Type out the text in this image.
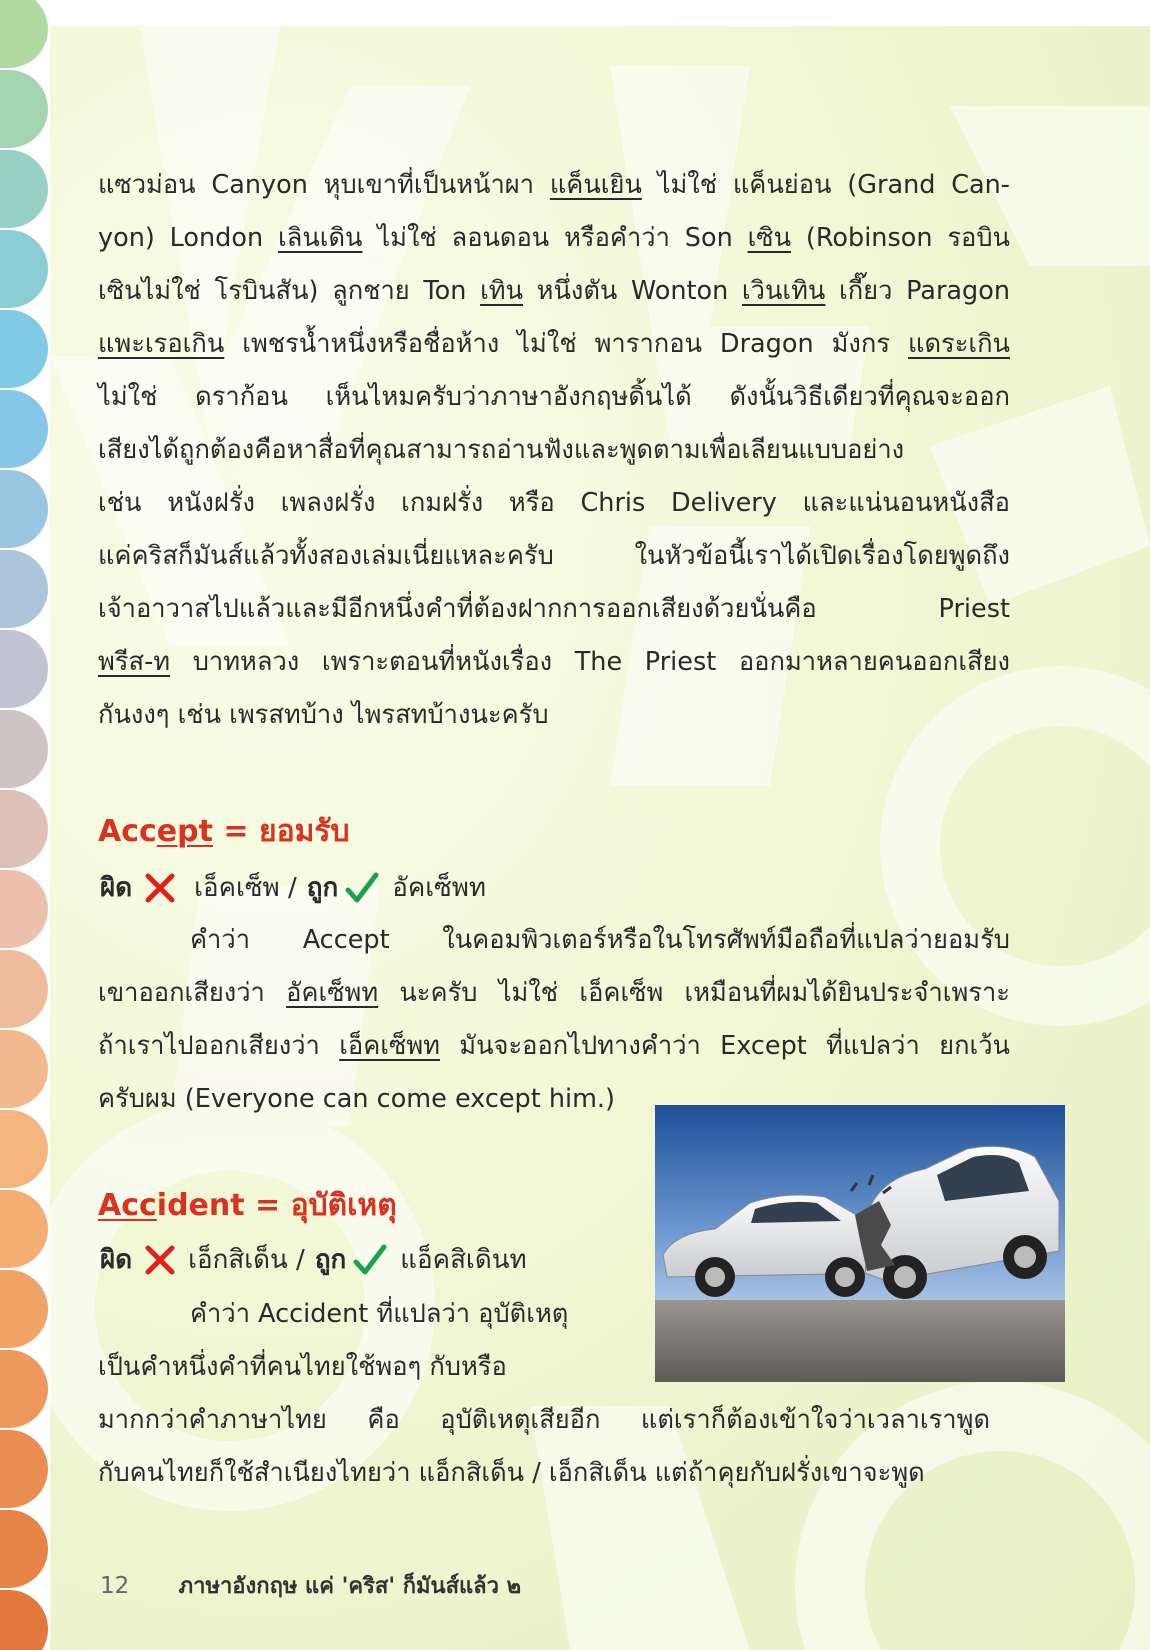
แซวม่อน Canyon หุบเขาที่เป็นหน้าผา แค็นเยิน ไม่ใช่ แค็นย่อน (Grand Can-
yon) London เลินเดิน ไม่ใช่ ลอนดอน หรือคำว่า Son เซิน (Robinson รอบิน
เซินไม่ใช่ โรบินสัน) ลูกชาย Ton เทิน หนึ่งตัน Wonton เวินเทิน เกี๊ยว Paragon
แพะเรอเกิน เพชรน้ำหนึ่งหรือชื่อห้าง ไม่ใช่ พารากอน Dragon มังกร แดระเกิน
ไม่ใช่ ดราก้อน เห็นไหมครับว่าภาษาอังกฤษดิ้นได้ ดังนั้นวิธีเดียวที่คุณจะออก
เสียงได้ถูกต้องคือหาสื่อที่คุณสามารถอ่านฟังและพูดตามเพื่อเลียนแบบอย่าง
เช่น หนังฝรั่ง เพลงฝรั่ง เกมฝรั่ง หรือ Chris Delivery และแน่นอนหนังสือ
แค่คริสก็มันส์แล้วทั้งสองเล่มเนี่ยแหละครับ ในหัวข้อนี้เราได้เปิดเรื่องโดยพูดถึง
เจ้าอาวาสไปแล้วและมีอีกหนึ่งคำที่ต้องฝากการออกเสียงด้วยนั่นคือ Priest
พรีส-ท บาทหลวง เพราะตอนที่หนังเรื่อง The Priest ออกมาหลายคนออกเสียง
กันงงๆ เช่น เพรสทบ้าง ไพรสทบ้างนะครับ
Accept = ยอมรับ
ผิด เอ็คเซ็พ / ถูก อัคเซ็พท
คำว่า Accept ในคอมพิวเตอร์หรือในโทรศัพท์มือถือที่แปลว่ายอมรับ
เขาออกเสียงว่า อัคเซ็พท นะครับ ไม่ใช่ เอ็คเซ็พ เหมือนที่ผมได้ยินประจำเพราะ
ถ้าเราไปออกเสียงว่า เอ็คเซ็พท มันจะออกไปทางคำว่า Except ที่แปลว่า ยกเว้น
ครับผม (Everyone can come except him.)
Accident = อุบัติเหตุ
ผิด เอ็กสิเด็น / ถูก แอ็คสิเดินท
คำว่า Accident ที่แปลว่า อุบัติเหตุ
เป็นคำหนึ่งคำที่คนไทยใช้พอๆ กับหรือ
มากกว่าคำภาษาไทย คือ อุบัติเหตุเสียอีก แต่เราก็ต้องเข้าใจว่าเวลาเราพูด
กับคนไทยก็ใช้สำเนียงไทยว่า แอ็กสิเด็น / เอ็กสิเด็น แต่ถ้าคุยกับฝรั่งเขาจะพูด
12 ภาษาอังกฤษ แค่ 'คริส' ก็มันส์แล้ว ๒
